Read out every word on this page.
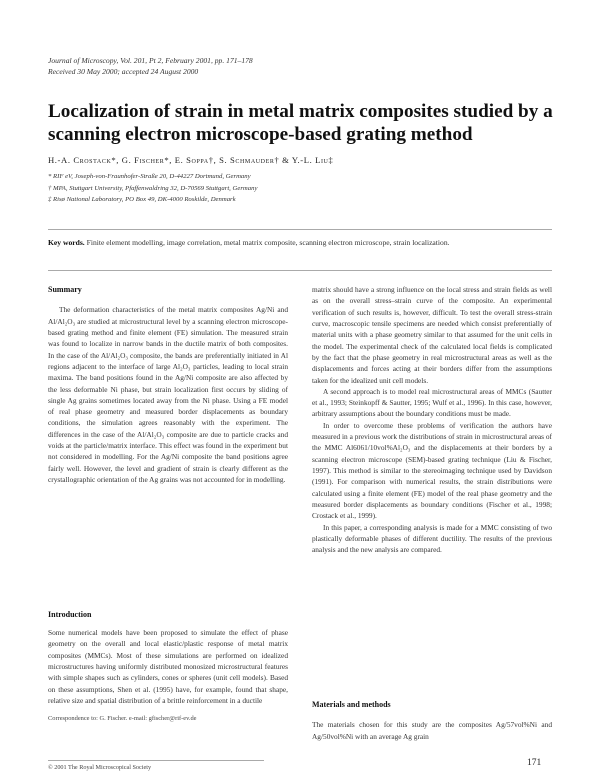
Journal of Microscopy, Vol. 201, Pt 2, February 2001, pp. 171–178
Received 30 May 2000; accepted 24 August 2000
Localization of strain in metal matrix composites studied by a scanning electron microscope-based grating method
H.-A. Crostack*, G. Fischer*, E. Soppa†, S. Schmauder† & Y.-L. Liu‡
* RIF eV, Joseph-von-Fraunhofer-Straße 20, D-44227 Dortmund, Germany
† MPA, Stuttgart University, Pfaffenwaldring 32, D-70569 Stuttgart, Germany
‡ Risø National Laboratory, PO Box 49, DK-4000 Roskilde, Denmark
Key words. Finite element modelling, image correlation, metal matrix composite, scanning electron microscope, strain localization.
Summary

The deformation characteristics of the metal matrix composites Ag/Ni and Al/Al₂O₃ are studied at microstructural level by a scanning electron microscope-based grating method and finite element (FE) simulation. The measured strain was found to localize in narrow bands in the ductile matrix of both composites. In the case of the Al/Al₂O₃ composite, the bands are preferentially initiated in Al regions adjacent to the interface of large Al₂O₃ particles, leading to local strain maxima. The band positions found in the Ag/Ni composite are also affected by the less deformable Ni phase, but strain localization first occurs by sliding of single Ag grains sometimes located away from the Ni phase. Using a FE model of real phase geometry and measured border displacements as boundary conditions, the simulation agrees reasonably with the experiment. The differences in the case of the Al/Al₂O₃ composite are due to particle cracks and voids at the particle/matrix interface. This effect was found in the experiment but not considered in modelling. For the Ag/Ni composite the band positions agree fairly well. However, the level and gradient of strain is clearly different as the crystallographic orientation of the Ag grains was not accounted for in modelling.

Introduction

Some numerical models have been proposed to simulate the effect of phase geometry on the overall and local elastic/plastic response of metal matrix composites (MMCs). Most of these simulations are performed on idealized microstructures having uniformly distributed monosized microstructural features with simple shapes such as cylinders, cones or spheres (unit cell models). Based on these assumptions, Shen et al. (1995) have, for example, found that shape, relative size and spatial distribution of a brittle reinforcement in a ductile

matrix should have a strong influence on the local stress and strain fields as well as on the overall stress–strain curve of the composite. An experimental verification of such results is, however, difficult. To test the overall stress-strain curve, macroscopic tensile specimens are needed which consist preferentially of material units with a phase geometry similar to that assumed for the unit cells in the model. The experimental check of the calculated local fields is complicated by the fact that the phase geometry in real microstructural areas as well as the displacements and forces acting at their borders differ from the assumptions taken for the idealized unit cell models.

A second approach is to model real microstructural areas of MMCs (Sautter et al., 1993; Steinkopff & Sautter, 1995; Wulf et al., 1996). In this case, however, arbitrary assumptions about the boundary conditions must be made.

In order to overcome these problems of verification the authors have measured in a previous work the distributions of strain in microstructural areas of the MMC Al6061/10vol%Al₂O₃ and the displacements at their borders by a scanning electron microscope (SEM)-based grating technique (Liu & Fischer, 1997). This method is similar to the stereoimaging technique used by Davidson (1991). For comparison with numerical results, the strain distributions were calculated using a finite element (FE) model of the real phase geometry and the measured border displacements as boundary conditions (Fischer et al., 1998; Crostack et al., 1999).

In this paper, a corresponding analysis is made for a MMC consisting of two plastically deformable phases of different ductility. The results of the previous analysis and the new analysis are compared.

Materials and methods

The materials chosen for this study are the composites Ag/57vol%Ni and Ag/50vol%Ni with an average Ag grain

Correspondence to: G. Fischer. e-mail: gfischer@rif-ev.de
© 2001 The Royal Microscopical Society	171
